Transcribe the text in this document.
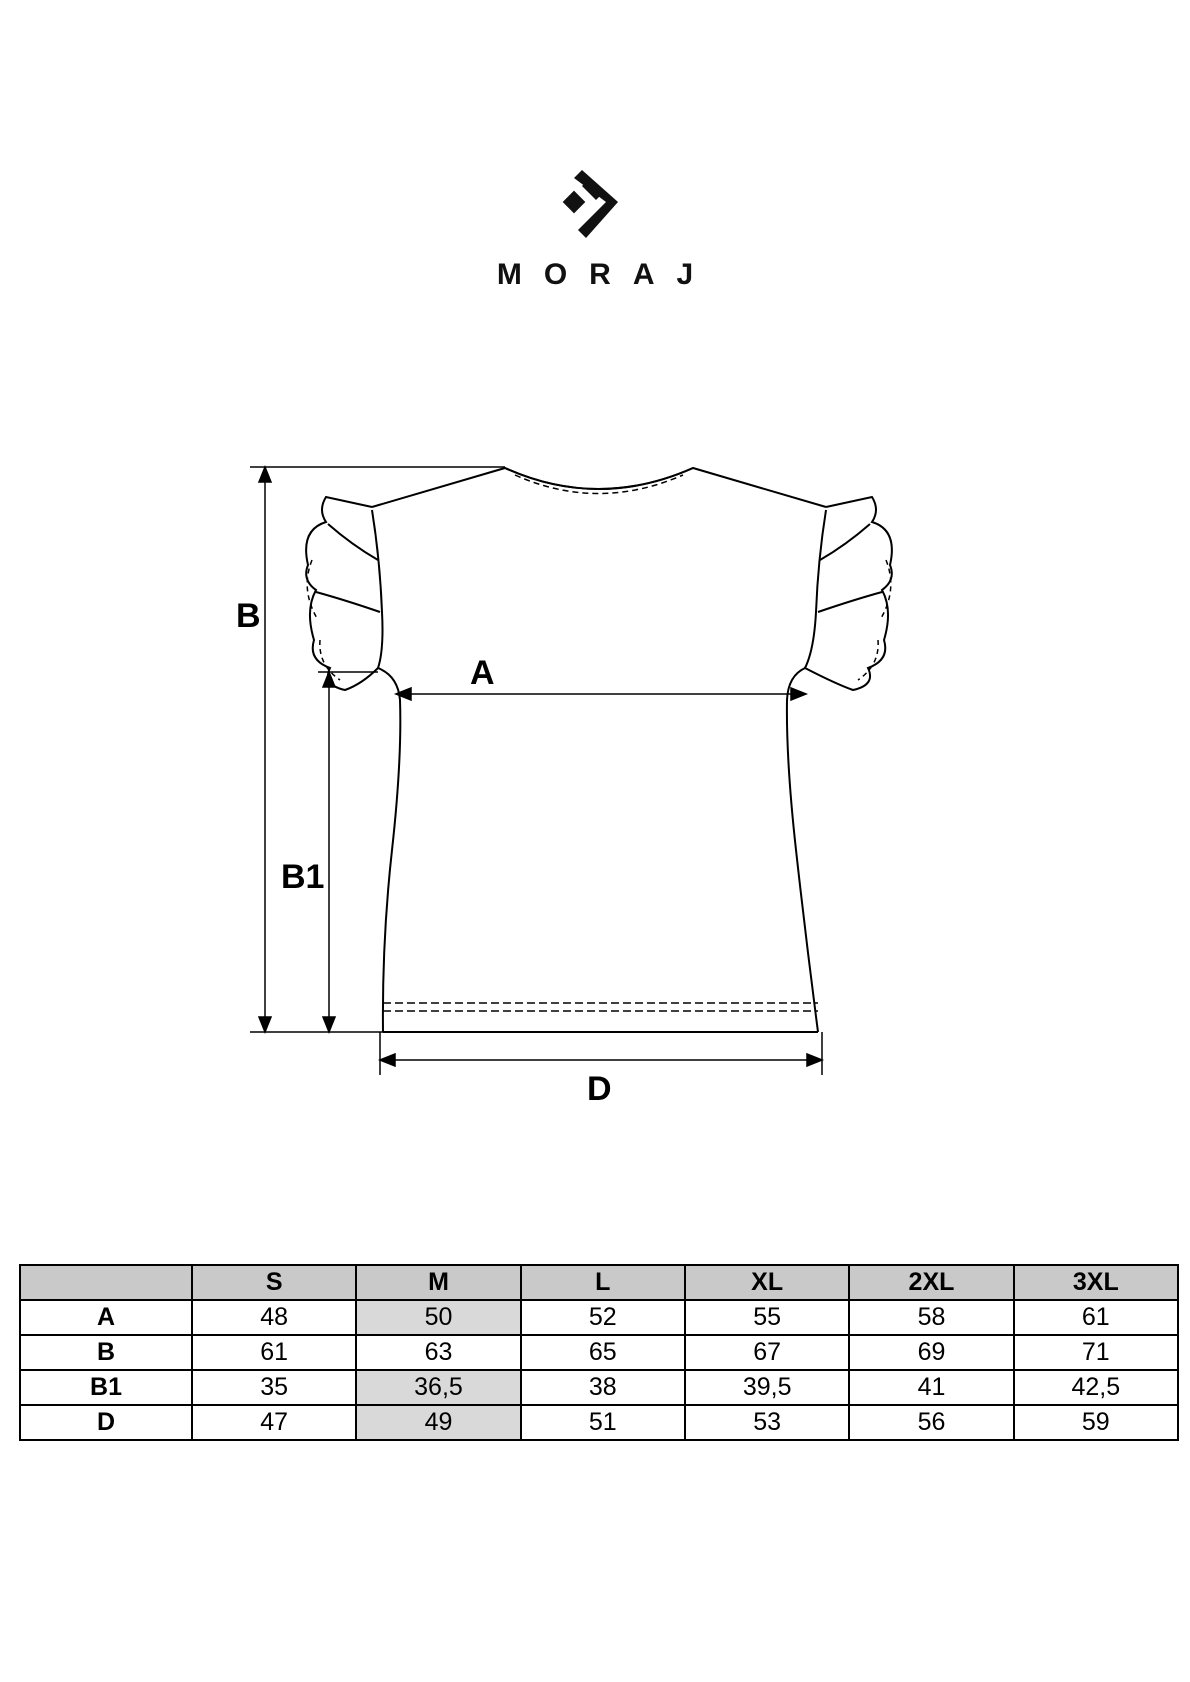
MORAJ
B
B1
A
D
	S	M	L	XL	2XL	3XL
A	48	50	52	55	58	61
B	61	63	65	67	69	71
B1	35	36,5	38	39,5	41	42,5
D	47	49	51	53	56	59
